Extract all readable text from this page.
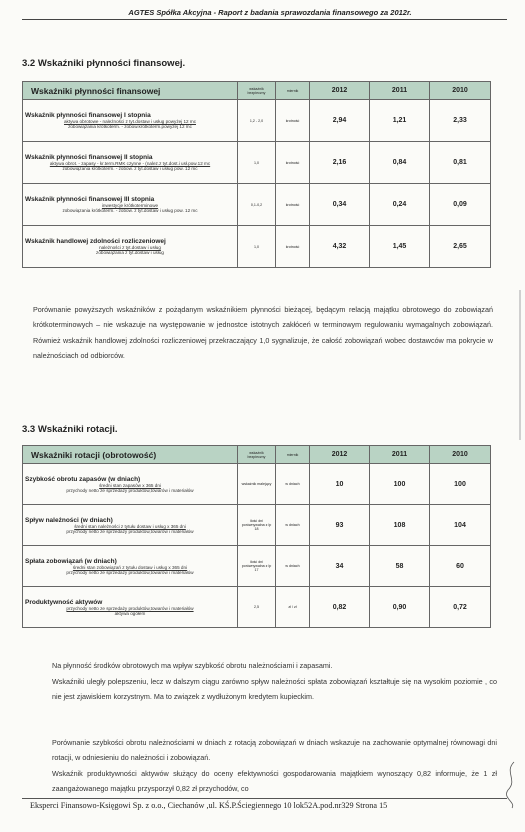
AGTES Spółka Akcyjna - Raport z badania sprawozdania finansowego za 2012r.
3.2 Wskaźniki płynności finansowej.
Wskaźniki płynności finansowej	wskaźnik bezpieczny	miernik	2012	2011	2010

Wskaźnik płynności finansowej I stopnia
aktywa obrotowe - należności z tyt.dostaw i usług powyżej 12 mc
zobowiązania krótkoterm. - zobow.krótkoterm.powyżej 12 mc	1,2 - 2,0	krotność	2,94	1,21	2,33

Wskaźnik płynności finansowej II stopnia
aktywa obrot. - zapasy - kr.term.RMK czynne - (nalez.z tyt.dost.i usł.pow.12 mc
zobowiązania krótkoterm. - zobow. z tyt.dostaw i usług pow. 12 mc	1,0	krotność	2,16	0,84	0,81

Wskaźnik płynności finansowej III stopnia
inwestycje krótkoterminowe
zobowiązania krótkoterm. - zobow. z tyt.dostaw i usług pow. 12 mc	0,1-0,2	krotność	0,34	0,24	0,09

Wskaźnik handlowej zdolności rozliczeniowej
należności z tyt.dostaw i usług
zobowiązania z tyt.dostaw i usług	1,0	krotność	4,32	1,45	2,65
Porównanie powyższych wskaźników z pożądanym wskaźnikiem płynności bieżącej, będącym relacją majątku obrotowego do zobowiązań krótkoterminowych – nie wskazuje na występowanie w jednostce istotnych zakłóceń w terminowym regulowaniu wymagalnych zobowiązań. Również wskaźnik handlowej zdolności rozliczeniowej przekraczający 1,0 sygnalizuje, że całość zobowiązań wobec dostawców ma pokrycie w należnościach od odbiorców.
3.3 Wskaźniki rotacji.
Wskaźniki rotacji (obrotowość)	wskaźnik bezpieczny	miernik	2012	2011	2010

Szybkość obrotu zapasów (w dniach)
średni stan zapasów x 365 dni
przychody netto ze sprzedaży produktów,towarów i materiałów	wskaźnik malejący	w dniach	10	100	100

Spływ należności (w dniach)
średni stan należności z tytułu dostaw i usług x 365 dni
przychody netto ze sprzedaży produktów,towarów i materiałów	ilość dni porównywalna z lp 18	w dniach	93	108	104

Spłata zobowiązań (w dniach)
średni stan zobowiązań z tytułu dostaw i usług x 365 dni
przychody netto ze sprzedaży produktów,towarów i materiałów	ilość dni porównywalna z lp 17	w dniach	34	58	60

Produktywność aktywów
przychody netto ze sprzedaży produktów,towarów i materiałów
aktywa ogółem	2,5	zł / zł	0,82	0,90	0,72
Na płynność środków obrotowych ma wpływ szybkość obrotu należnościami i zapasami.
Wskaźniki uległy polepszeniu, lecz w dalszym ciągu zarówno spływ należności spłata zobowiązań kształtuje się na wysokim poziomie , co nie jest zjawiskiem korzystnym. Ma to związek z wydłużonym kredytem kupieckim.
Porównanie szybkości obrotu należnościami w dniach z rotacją zobowiązań w dniach wskazuje na zachowanie optymalnej równowagi dni rotacji, w odniesieniu do należności i zobowiązań.
Wskaźnik produktywności aktywów służący do oceny efektywności gospodarowania majątkiem wynoszący 0,82 informuje, że 1 zł zaangażowanego majątku przysporzył 0,82 zł przychodów, co
Eksperci Finansowo-Księgowi Sp. z o.o., Ciechanów ,ul. KŚ.P.Ściegiennego 10 lok52A.pod.nr329 Strona 15
